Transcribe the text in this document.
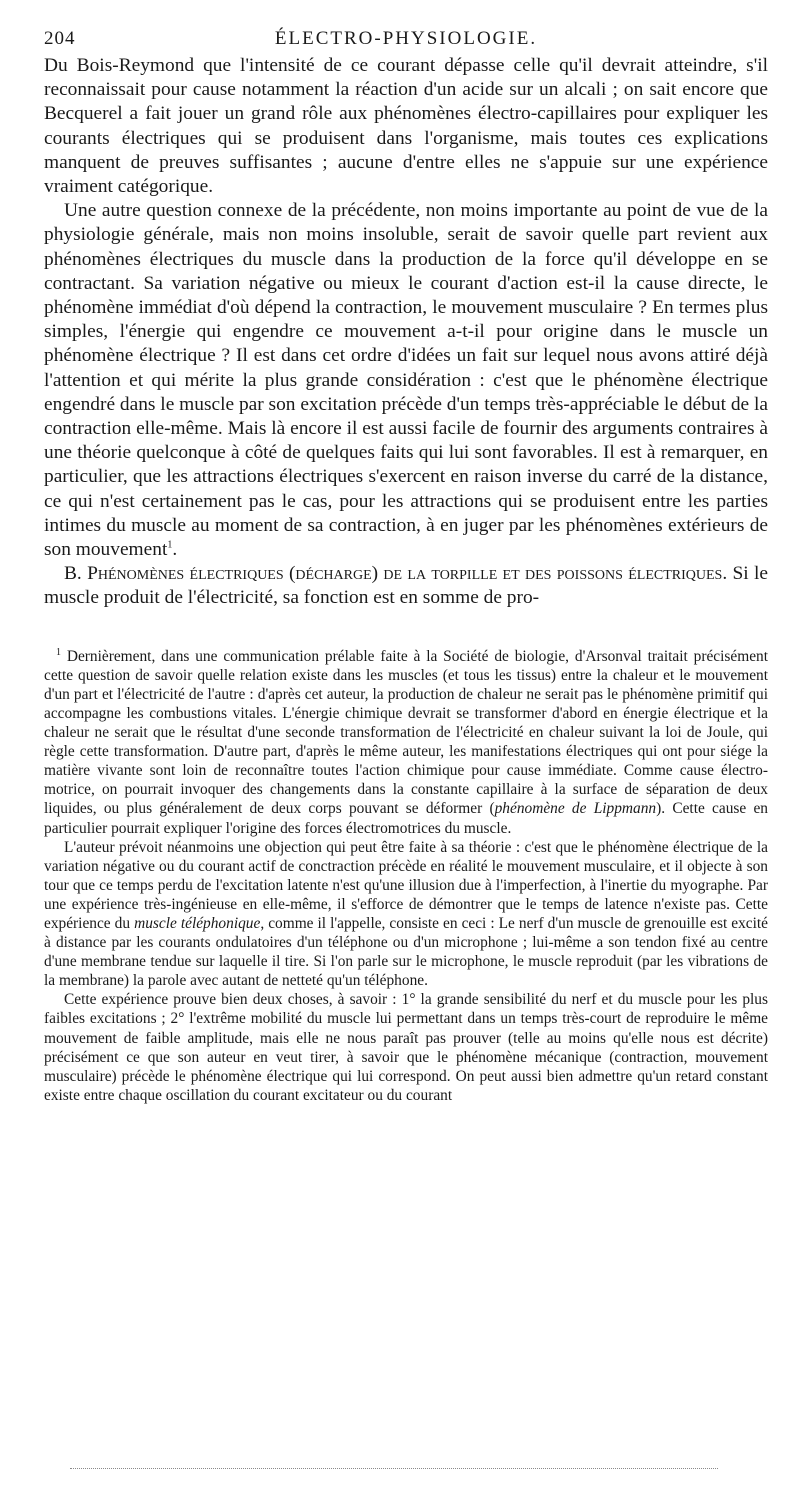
204	ÉLECTRO-PHYSIOLOGIE.

Du Bois-Reymond que l'intensité de ce courant dépasse celle qu'il devrait atteindre, s'il reconnaissait pour cause notamment la réaction d'un acide sur un alcali ; on sait encore que Becquerel a fait jouer un grand rôle aux phénomènes électro-capillaires pour expliquer les courants électriques qui se produisent dans l'organisme, mais toutes ces explications manquent de preuves suffisantes ; aucune d'entre elles ne s'appuie sur une expérience vraiment catégorique.

Une autre question connexe de la précédente, non moins importante au point de vue de la physiologie générale, mais non moins insoluble, serait de savoir quelle part revient aux phénomènes électriques du muscle dans la production de la force qu'il développe en se contractant. Sa variation négative ou mieux le courant d'action est-il la cause directe, le phénomène immédiat d'où dépend la contraction, le mouvement musculaire ? En termes plus simples, l'énergie qui engendre ce mouvement a-t-il pour origine dans le muscle un phénomène électrique ? Il est dans cet ordre d'idées un fait sur lequel nous avons attiré déjà l'attention et qui mérite la plus grande considération : c'est que le phénomène électrique engendré dans le muscle par son excitation précède d'un temps très-appréciable le début de la contraction elle-même. Mais là encore il est aussi facile de fournir des arguments contraires à une théorie quelconque à côté de quelques faits qui lui sont favorables. Il est à remarquer, en particulier, que les attractions électriques s'exercent en raison inverse du carré de la distance, ce qui n'est certainement pas le cas, pour les attractions qui se produisent entre les parties intimes du muscle au moment de sa contraction, à en juger par les phénomènes extérieurs de son mouvement$^1$.

B. Phénomènes électriques (décharge) de la torpille et des poissons électriques. Si le muscle produit de l'électricité, sa fonction est en somme de pro-

$^1$ Dernièrement, dans une communication prélable faite à la Société de biologie, d'Arsonval traitait précisément cette question de savoir quelle relation existe dans les muscles (et tous les tissus) entre la chaleur et le mouvement d'un part et l'électricité de l'autre : d'après cet auteur, la production de chaleur ne serait pas le phénomène primitif qui accompagne les combustions vitales. L'énergie chimique devrait se transformer d'abord en énergie électrique et la chaleur ne serait que le résultat d'une seconde transformation de l'électricité en chaleur suivant la loi de Joule, qui règle cette transformation. D'autre part, d'après le même auteur, les manifestations électriques qui ont pour siége la matière vivante sont loin de reconnaître toutes l'action chimique pour cause immédiate. Comme cause électro-motrice, on pourrait invoquer des changements dans la constante capillaire à la surface de séparation de deux liquides, ou plus généralement de deux corps pouvant se déformer (phénomène de Lippmann). Cette cause en particulier pourrait expliquer l'origine des forces électromotrices du muscle.

L'auteur prévoit néanmoins une objection qui peut être faite à sa théorie : c'est que le phénomène électrique de la variation négative ou du courant actif de conctraction précède en réalité le mouvement musculaire, et il objecte à son tour que ce temps perdu de l'excitation latente n'est qu'une illusion due à l'imperfection, à l'inertie du myographe. Par une expérience très-ingénieuse en elle-même, il s'efforce de démontrer que le temps de latence n'existe pas. Cette expérience du muscle téléphonique, comme il l'appelle, consiste en ceci : Le nerf d'un muscle de grenouille est excité à distance par les courants ondulatoires d'un téléphone ou d'un microphone ; lui-même a son tendon fixé au centre d'une membrane tendue sur laquelle il tire. Si l'on parle sur le microphone, le muscle reproduit (par les vibrations de la membrane) la parole avec autant de netteté qu'un téléphone.

Cette expérience prouve bien deux choses, à savoir : 1° la grande sensibilité du nerf et du muscle pour les plus faibles excitations ; 2° l'extrême mobilité du muscle lui permettant dans un temps très-court de reproduire le même mouvement de faible amplitude, mais elle ne nous paraît pas prouver (telle au moins qu'elle nous est décrite) précisément ce que son auteur en veut tirer, à savoir que le phénomène mécanique (contraction, mouvement musculaire) précède le phénomène électrique qui lui correspond. On peut aussi bien admettre qu'un retard constant existe entre chaque oscillation du courant excitateur ou du courant
